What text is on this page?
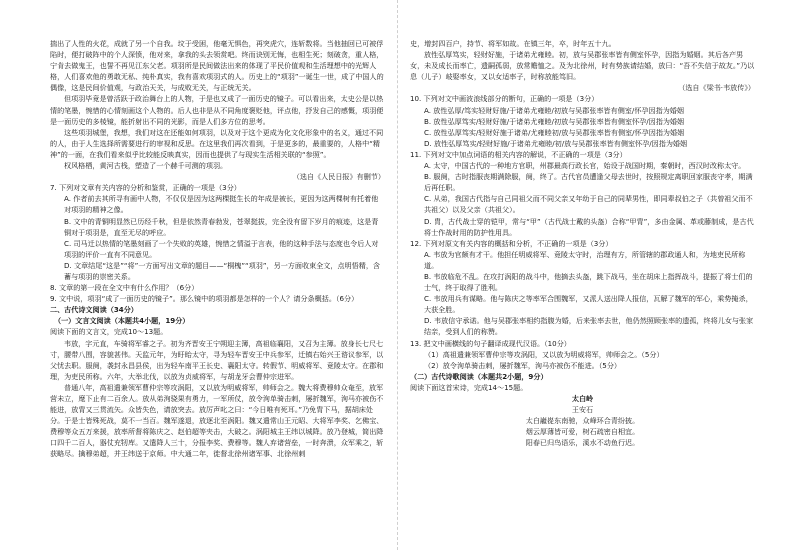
揣出了人性的火花，成就了另一个自我。坟于受困，他毫无惧色，再突虎穴，连斩数将。当他抽回已可被俘陷时，便打破阵中的个人深愤，他对来，拿我的头去领赏吧。终而诀别无悔，也相生死；刻破贪，重人格，宁肯去做鬼王，也誓不再见江东父老。项羽所是民间做法出来的体现了平民价值观和生活理想中的光辉人格，人们喜欢他的勇敢无私、纯朴真实，我有喜欢项羽式的人。历史上的“项羽”一诞生一世，成了中国人的偶像，这是民间价值观，与政治天关，与成败无关，与正统无关。

但项羽毕竟是曾活跃于政治舞台上的人物，于是也又成了一面历史的镜子。可以看出来，太史公是以热情的笔墨，惋惜的心情刻画这个人物的。后人也非是从不同角度褒贬他，评点他，抒发自己的感慨，项羽便是一面历史的多棱镜，能折射出不同的光影，而是人们多方位的思考。

这些项羽城堡，我想，我们对这在还能如何项羽，以及对于这个更成为化文化形象中的名义，通过不同的人，由于人生选择所需要进行的审视和反思。在这里我们再次看到，于是更多的，最重要的，人格中“精神”的一面，在我们看来似乎比较能反映真实，因而也提供了与现实生活相关联的“参照”。

权风格栖，黄河古栈，塑造了一个赫千可测的项羽。

（选自《人民日报》有删节）

7. 下列对文章有关内容的分析和鉴赏，正确的一项是（3分）

A. 作者前去其所寻有画中人物，不仅仅是因为这两棵挺生长的年成是被长，更因为这两棵树有托着他对项羽的精神之像。

B. 文中的青铜明显然已历经千秋，但是依然青春勃发，苍翠挺拔，完全没有留下岁月的痕迹，这是青铜对于项羽是，直至无尽的呼应。

C. 司马迁以热情的笔墨刻画了一个失败的英雄，惋惜之情溢于言表，他的这种手法与态度也令后人对项羽的评价一直有不同意见。

D. 文章结尾“这是”“将”一方面写出文章的题目——“桐槐”“项羽”，另一方面收束全文，点明悟精，含蓄与项羽的崇密关系。

8. 文章的第一段在全文中有什么作用？（6分）

9. 文中说，项羽“成了一面历史的镜子”。那么镜中的项羽都是怎样的一个人？请分条概括。（6分）

二、古代诗文阅读（34分）

（一）文言文阅读（本题共4小题，19分）

阅读下面的文言文，完成10～13题。

韦放，字元直，车骑将军睿之子。初为齐晋安王宁朔迎主簿，高祖临襄阳，又召为主簿。放身长七尺七寸，腰带八围，容貌甚伟。天监元年，为盱眙太守，寻为轻车晋安王中兵参军，迁镇右始兴王谘议参军，以父忧去职。服阕，袭封永昌县侯，出为轻车南平王长史、襄阳太守。转假节、明威将军、竟陵太守。在郡和理，为吏民所称。六年，大举北伐，以放为贞威将军，与胡龙牙会曹仲宗进军。

普通八年，高祖遣兼领军曹仲宗等攻涡阳，又以放为明威将军，帅师会之。魏大将费穆帅众奄至，放军营未立，麾下止有二百余人。放从弟洵骁果有勇力，一军所仗，放令洵单骑击刺，屡折魏军，洵马亦被伤不能进，放胄又三贯流矢。众皆失色，请放突去。放厉声叱之曰：“今日唯有死耳。”乃免胄下马，据胡床处分。于是士皆殊死战，莫不一当百。魏军遂退，放逐北至涡阳。魏又遣常山王元昭、大将军李奖、乞佛宝、费穆等众五万来援，放率所督将陈庆之、赵伯超等夹击，大破之。涡阳城主王纬以城降。放乃登城，简出降口四千二百人，器仗充牣库。又遣降人三十，分报李奖、费穆等。魏人弃诸营垒，一时奔溃，众军乘之，斩获略尽。擒穆弟超，并王纬送于京师。中大通二年，徙督北徐州诸军事、北徐州刺

史，增封四百户，持节、将军如故。在镇三年，卒，时年五十九。

放性弘厚笃实，轻财好施，于诸弟尤雍睦。初，放与吴郡张率皆有侧室怀孕，因指为婚姻。其后各产男女，未及成长而率亡，遗嗣孤弱，放常赡恤之。及为北徐州，时有势族请结婚，放曰：“吾不失信于故友。”乃以息（儿子）岐娶率女，又以女适率子，时称放能笃旧。

（选自《梁书·韦放传》）

10. 下列对文中画波浪线部分的断句，正确的一项是（3分）

A. 放性弘厚/笃实轻财好施/于诸弟尤雍睦/初放与吴郡张率皆有侧室/怀孕因指为婚姻

B. 放性弘厚笃实/轻财好施/于诸弟尤雍睦/初放与吴郡张率皆有侧室怀孕/因指为婚姻

C. 放性弘厚笃实/轻财好施于诸弟/尤雍睦初/放与吴郡张率皆有侧室/怀孕因指为婚姻

D. 放性弘厚笃实/轻财好施/于诸弟尤雍睦/初/放与吴郡张率皆有侧室怀孕/因指为婚姻

11. 下列对文中加点词语的相关内容的解说，不正确的一项是（3分）

A. 太守，中国古代的一种地方官职，州郡最高行政长官，始设于战国时期，秦朝时，西汉时改称太守。

B. 服阕，古时指服丧期满除服，阕，终了。古代官员遭逢父母去世时，按照规定离职回家服丧守孝，期满后再任职。

C. 从弟，我国古代指与自己同祖父而不同父亲又年幼于自己的同辈男性，即同辈叔伯之子（共曾祖父而不共祖父）以及父亲（共祖父）。

D. 胄，古代战士穿的铠甲，常与“甲”（古代战士戴的头盔）合称“甲胄”，多由金属、革或藤制成，是古代将士作战时用的防护性用具。

12. 下列对原文有关内容的概括和分析，不正确的一项是（3分）

A. 韦放为官颇有才干。他担任明威将军、竟陵太守时，治理有方，所管辖的郡政通人和，为地吏民所称道。

B. 韦放临危不乱。在攻打涡阳的战斗中，他摘去头盔，跳下战马，坐在胡床上指挥战斗，提振了将士们的士气，终于取得了胜利。

C. 韦放用兵有谋略。他与陈庆之等率军合围魏军，又派人送出降人报信，瓦解了魏军的军心，乘势掩杀，大获全胜。

D. 韦放信守承诺。他与吴郡张率相约指腹为婚，后来张率去世，他仍然照顾张率的遗孤，终将儿女与张家结亲，受到人们的称赞。

13. 把文中画横线的句子翻译成现代汉语。（10分）

（1）高祖遣兼领军曹仲宗等攻涡阳，又以放为明威将军，帅师会之。（5分）

（2）放令洵单骑击刺，屡折魏军，洵马亦被伤不能进。（5分）

（二）古代诗歌阅读（本题共2小题，9分）

阅读下面这首宋诗，完成14～15题。

太白岭

王安石

太白巃嵸东南驰，众峰环合青纷披。

烟云厚薄皆可爱，树石疏密自相宜。

阳春已归鸟语乐，溪水不动鱼行迟。
